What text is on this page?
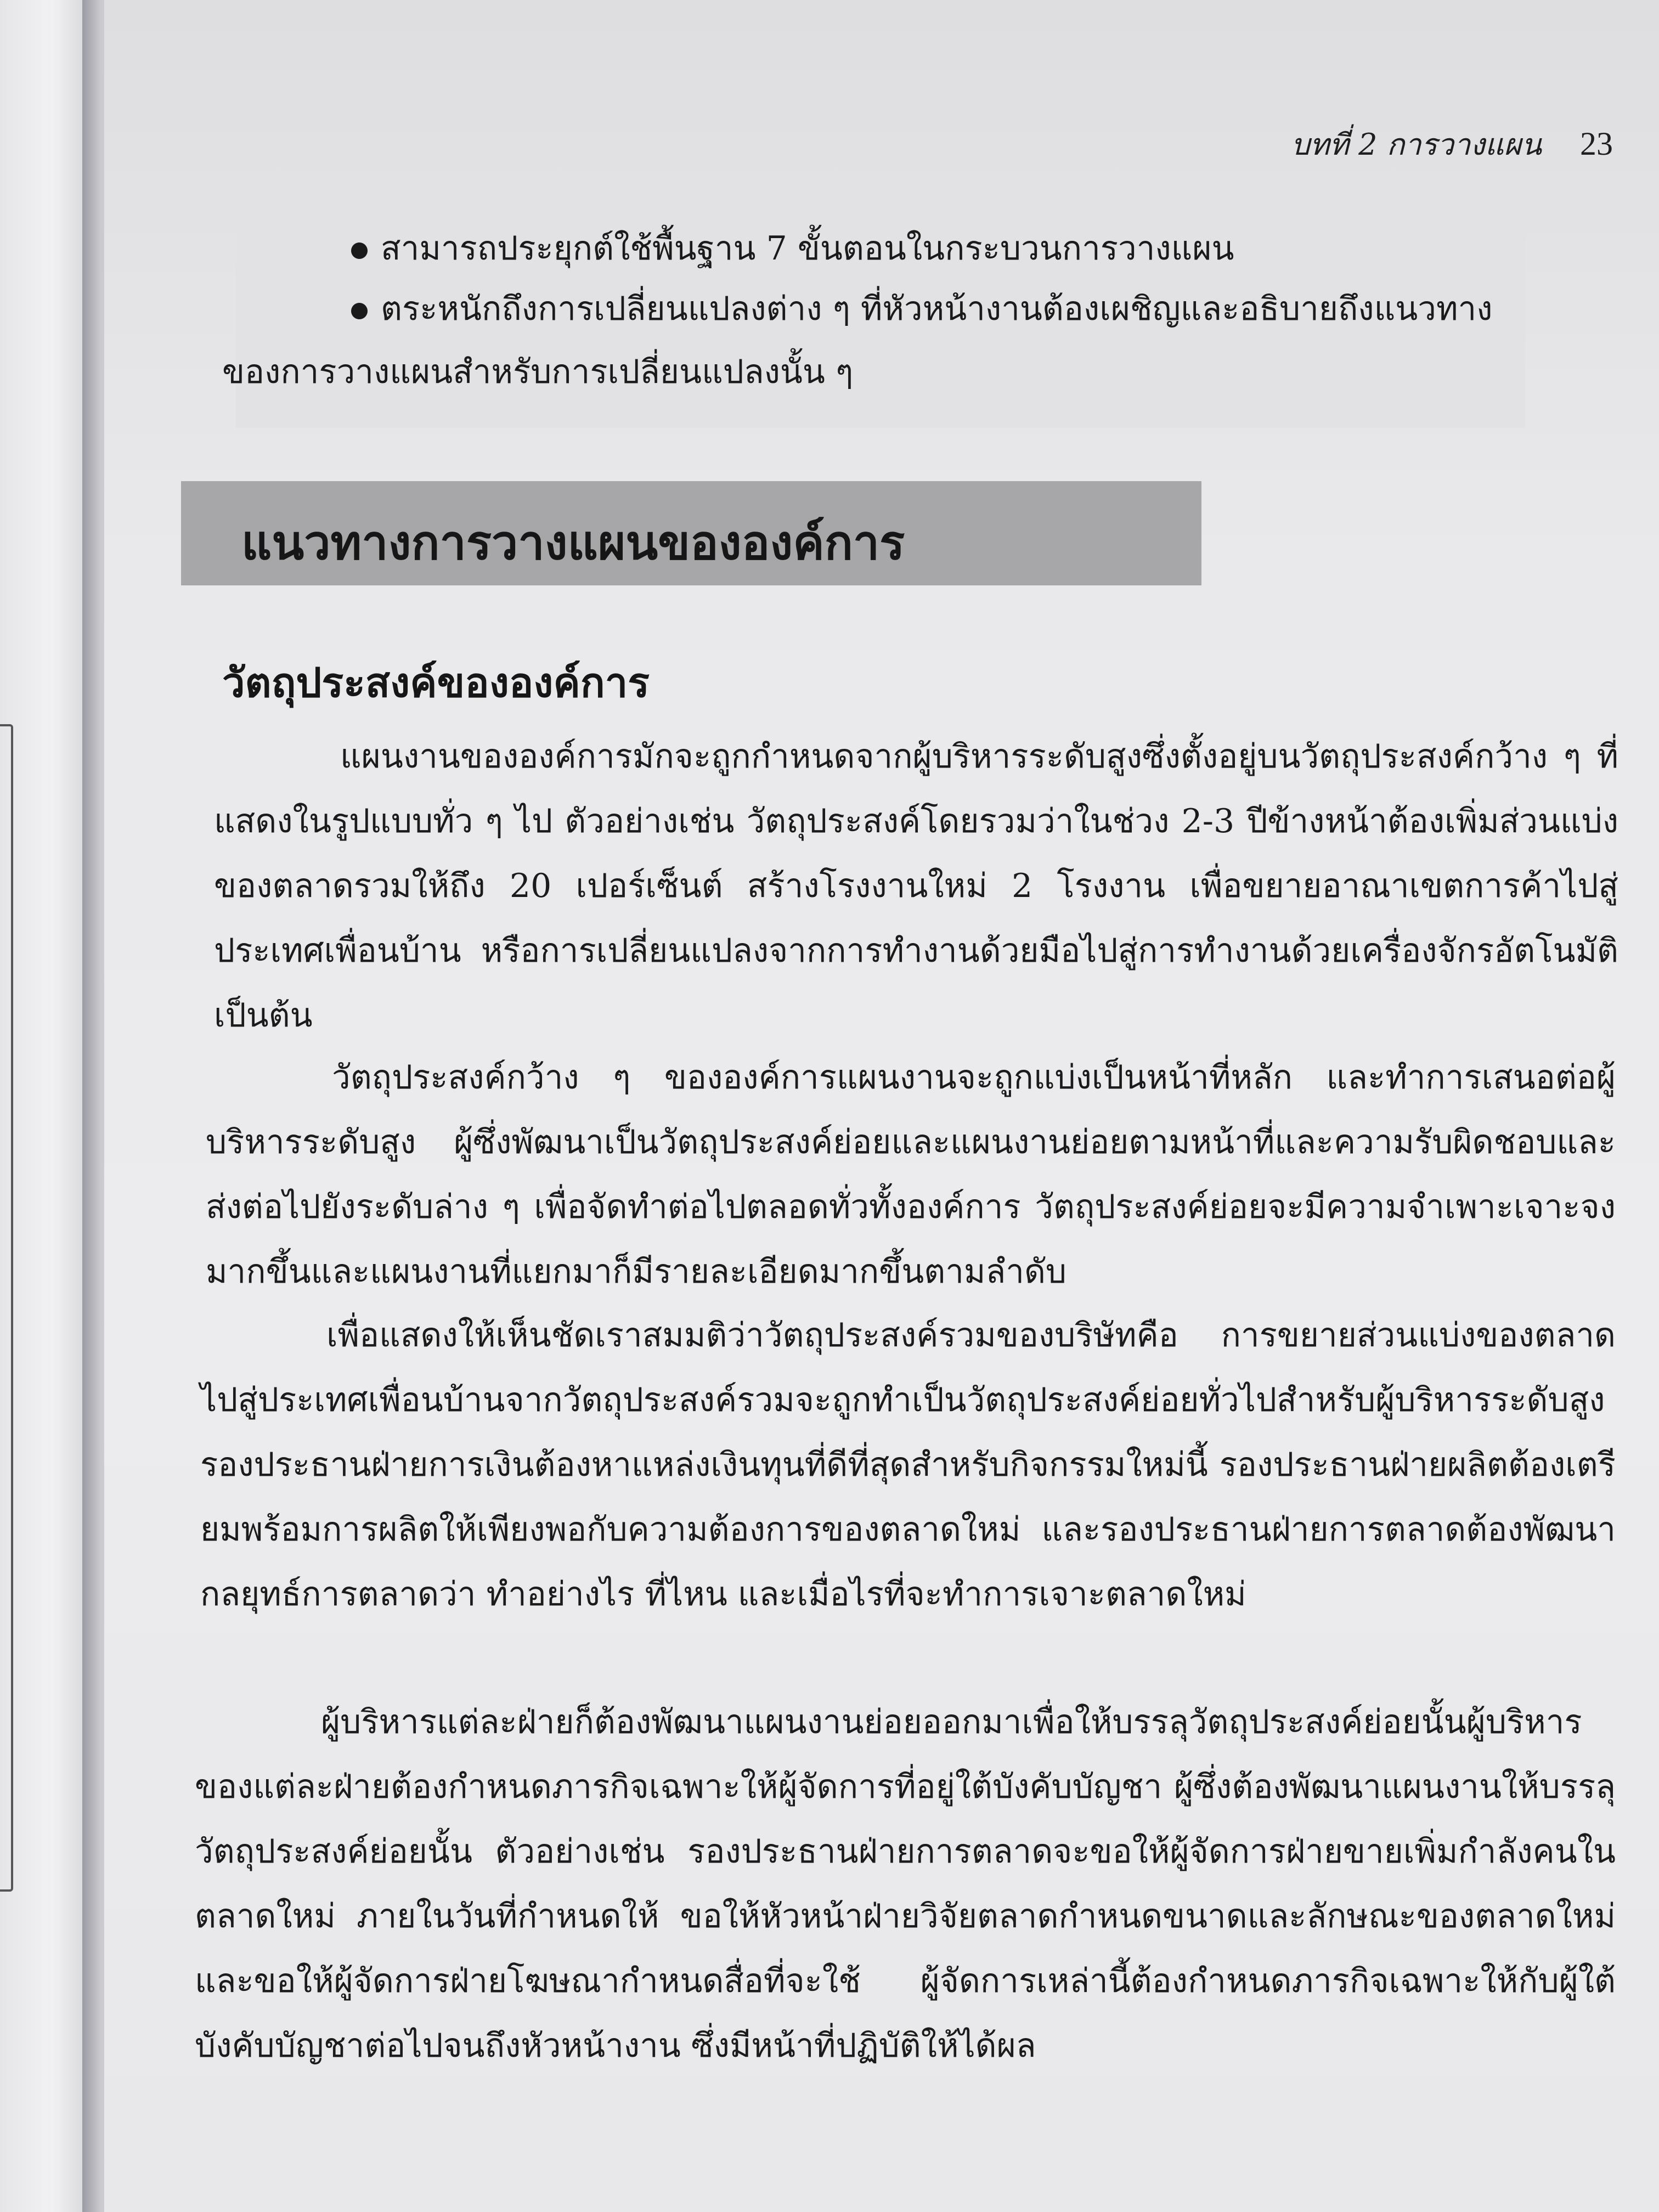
บทที่ 2 การวางแผน 23
สามารถประยุกต์ใช้พื้นฐาน 7 ขั้นตอนในกระบวนการวางแผน
ตระหนักถึงการเปลี่ยนแปลงต่าง ๆ ที่หัวหน้างานต้องเผชิญและอธิบายถึงแนวทาง
ของการวางแผนสำหรับการเปลี่ยนแปลงนั้น ๆ
แนวทางการวางแผนขององค์การ
วัตถุประสงค์ขององค์การ

แผนงานขององค์การมักจะถูกกำหนดจากผู้บริหารระดับสูงซึ่งตั้งอยู่บนวัตถุประสงค์กว้าง ๆ ที่แสดงในรูปแบบทั่ว ๆ ไป ตัวอย่างเช่น วัตถุประสงค์โดยรวมว่าในช่วง 2-3 ปีข้างหน้าต้องเพิ่มส่วนแบ่งของตลาดรวมให้ถึง 20 เปอร์เซ็นต์ สร้างโรงงานใหม่ 2 โรงงาน เพื่อขยายอาณาเขตการค้าไปสู่ประเทศเพื่อนบ้าน หรือการเปลี่ยนแปลงจากการทำงานด้วยมือไปสู่การทำงานด้วยเครื่องจักรอัตโนมัติ เป็นต้น

วัตถุประสงค์กว้าง ๆ ขององค์การแผนงานจะถูกแบ่งเป็นหน้าที่หลัก และทำการเสนอต่อผู้บริหารระดับสูง ผู้ซึ่งพัฒนาเป็นวัตถุประสงค์ย่อยและแผนงานย่อยตามหน้าที่และความรับผิดชอบและส่งต่อไปยังระดับล่าง ๆ เพื่อจัดทำต่อไปตลอดทั่วทั้งองค์การ วัตถุประสงค์ย่อยจะมีความจำเพาะเจาะจงมากขึ้นและแผนงานที่แยกมาก็มีรายละเอียดมากขึ้นตามลำดับ

เพื่อแสดงให้เห็นชัดเราสมมติว่าวัตถุประสงค์รวมของบริษัทคือ การขยายส่วนแบ่งของตลาดไปสู่ประเทศเพื่อนบ้านจากวัตถุประสงค์รวมจะถูกทำเป็นวัตถุประสงค์ย่อยทั่วไปสำหรับผู้บริหารระดับสูง รองประธานฝ่ายการเงินต้องหาแหล่งเงินทุนที่ดีที่สุดสำหรับกิจกรรมใหม่นี้ รองประธานฝ่ายผลิตต้องเตรียมพร้อมการผลิตให้เพียงพอกับความต้องการของตลาดใหม่ และรองประธานฝ่ายการตลาดต้องพัฒนากลยุทธ์การตลาดว่า ทำอย่างไร ที่ไหน และเมื่อไรที่จะทำการเจาะตลาดใหม่

ผู้บริหารแต่ละฝ่ายก็ต้องพัฒนาแผนงานย่อยออกมาเพื่อให้บรรลุวัตถุประสงค์ย่อยนั้นผู้บริหารของแต่ละฝ่ายต้องกำหนดภารกิจเฉพาะให้ผู้จัดการที่อยู่ใต้บังคับบัญชา ผู้ซึ่งต้องพัฒนาแผนงานให้บรรลุวัตถุประสงค์ย่อยนั้น ตัวอย่างเช่น รองประธานฝ่ายการตลาดจะขอให้ผู้จัดการฝ่ายขายเพิ่มกำลังคนในตลาดใหม่ ภายในวันที่กำหนดให้ ขอให้หัวหน้าฝ่ายวิจัยตลาดกำหนดขนาดและลักษณะของตลาดใหม่ และขอให้ผู้จัดการฝ่ายโฆษณากำหนดสื่อที่จะใช้ ผู้จัดการเหล่านี้ต้องกำหนดภารกิจเฉพาะให้กับผู้ใต้บังคับบัญชาต่อไปจนถึงหัวหน้างาน ซึ่งมีหน้าที่ปฏิบัติให้ได้ผล
